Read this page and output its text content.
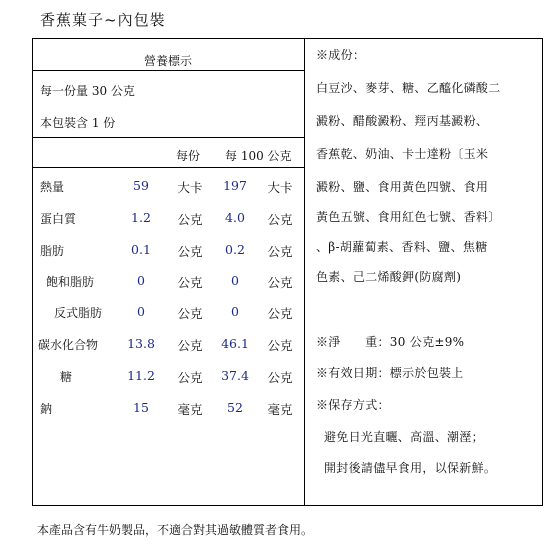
香蕉菓子~內包裝
營養標示
每一份量 30 公克
本包裝含 1 份
每份 每 100 公克
熱量	59	大卡	197	大卡
蛋白質	1.2	公克	4.0	公克
脂肪	0.1	公克	0.2	公克
飽和脂肪	0	公克	0	公克
反式脂肪	0	公克	0	公克
碳水化合物 13.8	公克	46.1	公克
糖	11.2	公克	37.4	公克
鈉	15	毫克	52	毫克
※成份：
白豆沙、麥芽、糖、乙醯化磷酸二
澱粉、醋酸澱粉、羥丙基澱粉、
香蕉乾、奶油、卡士達粉〔玉米
澱粉、鹽、食用黃色四號、食用
黃色五號、食用紅色七號、香料〕
、β-胡蘿蔔素、香料、鹽、焦糖
色素、己二烯酸鉀(防腐劑)
※淨　　重：30 公克±9%
※有效日期：標示於包裝上
※保存方式：
避免日光直曬、高溫、潮溼；
開封後請儘早食用，以保新鮮。
本產品含有牛奶製品，不適合對其過敏體質者食用。
